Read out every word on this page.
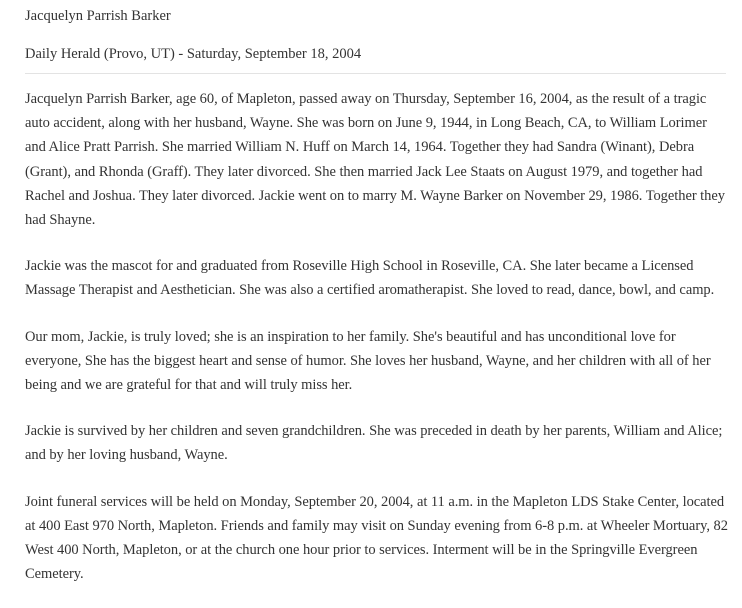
Jacquelyn Parrish Barker
Daily Herald (Provo, UT) - Saturday, September 18, 2004

Jacquelyn Parrish Barker, age 60, of Mapleton, passed away on Thursday, September 16, 2004, as the result of a tragic auto accident, along with her husband, Wayne. She was born on June 9, 1944, in Long Beach, CA, to William Lorimer and Alice Pratt Parrish. She married William N. Huff on March 14, 1964. Together they had Sandra (Winant), Debra (Grant), and Rhonda (Graff). They later divorced. She then married Jack Lee Staats on August 1979, and together had Rachel and Joshua. They later divorced. Jackie went on to marry M. Wayne Barker on November 29, 1986. Together they had Shayne.

Jackie was the mascot for and graduated from Roseville High School in Roseville, CA. She later became a Licensed Massage Therapist and Aesthetician. She was also a certified aromatherapist. She loved to read, dance, bowl, and camp.

Our mom, Jackie, is truly loved; she is an inspiration to her family. She's beautiful and has unconditional love for everyone, She has the biggest heart and sense of humor. She loves her husband, Wayne, and her children with all of her being and we are grateful for that and will truly miss her.

Jackie is survived by her children and seven grandchildren. She was preceded in death by her parents, William and Alice; and by her loving husband, Wayne.

Joint funeral services will be held on Monday, September 20, 2004, at 11 a.m. in the Mapleton LDS Stake Center, located at 400 East 970 North, Mapleton. Friends and family may visit on Sunday evening from 6-8 p.m. at Wheeler Mortuary, 82 West 400 North, Mapleton, or at the church one hour prior to services. Interment will be in the Springville Evergreen Cemetery.
